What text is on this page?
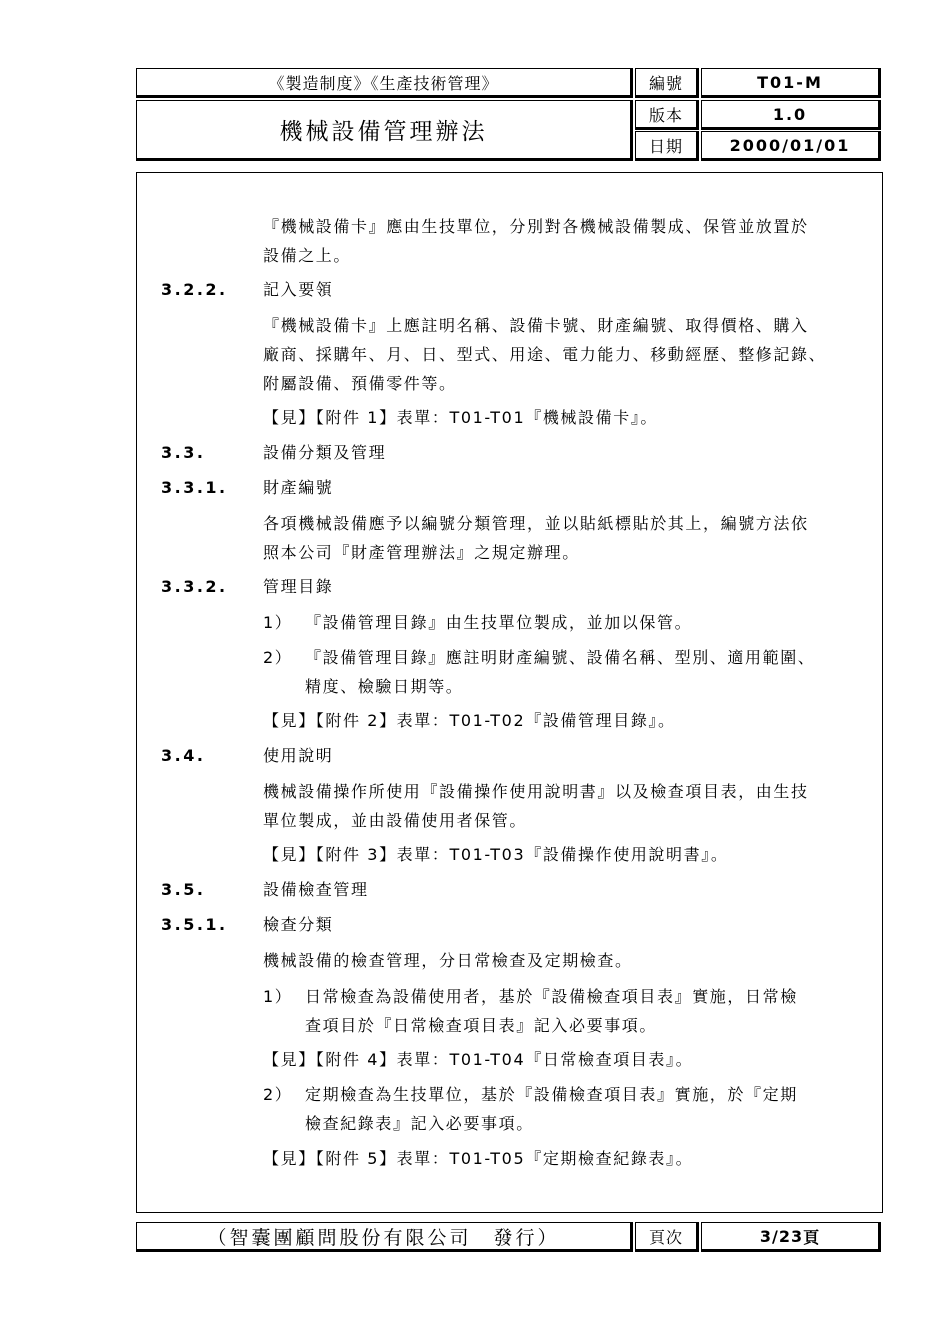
《製造制度》《生產技術管理》
機械設備管理辦法
編號	T01-M
版本	1.0
日期	2000/01/01
『機械設備卡』應由生技單位，分別對各機械設備製成、保管並放置於
設備之上。
3.2.2. 記入要領
『機械設備卡』上應註明名稱、設備卡號、財產編號、取得價格、購入
廠商、採購年、月、日、型式、用途、電力能力、移動經歷、整修記錄、
附屬設備、預備零件等。
【見】【附件 1】表單：T01-T01『機械設備卡』。
3.3.	設備分類及管理
3.3.1. 財產編號
各項機械設備應予以編號分類管理，並以貼紙標貼於其上，編號方法依
照本公司『財產管理辦法』之規定辦理。
3.3.2. 管理目錄
1） 『設備管理目錄』由生技單位製成，並加以保管。
2） 『設備管理目錄』應註明財產編號、設備名稱、型別、適用範圍、
精度、檢驗日期等。
【見】【附件 2】表單：T01-T02『設備管理目錄』。
3.4.	使用說明
機械設備操作所使用『設備操作使用說明書』以及檢查項目表，由生技
單位製成，並由設備使用者保管。
【見】【附件 3】表單：T01-T03『設備操作使用說明書』。
3.5.	設備檢查管理
3.5.1. 檢查分類
機械設備的檢查管理，分日常檢查及定期檢查。
1） 日常檢查為設備使用者，基於『設備檢查項目表』實施，日常檢
查項目於『日常檢查項目表』記入必要事項。
【見】【附件 4】表單：T01-T04『日常檢查項目表』。
2） 定期檢查為生技單位，基於『設備檢查項目表』實施，於『定期
檢查紀錄表』記入必要事項。
【見】【附件 5】表單：T01-T05『定期檢查紀錄表』。
（智囊團顧問股份有限公司　發行）	頁次	3/23 頁
